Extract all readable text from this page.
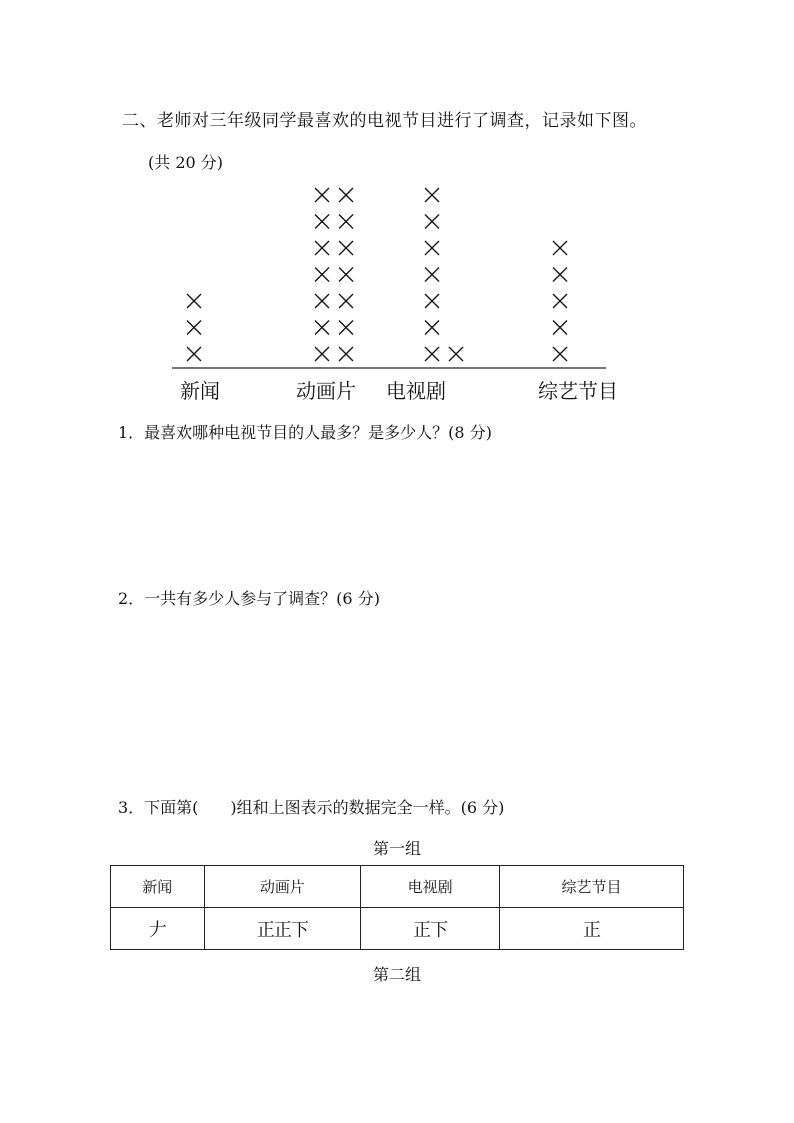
二、老师对三年级同学最喜欢的电视节目进行了调查，记录如下图。
(共 20 分)
新闻	动画片 电视剧	综艺节目
1．最喜欢哪种电视节目的人最多？是多少人？(8 分)
2．一共有多少人参与了调查？(6 分)
3．下面第(　　)组和上图表示的数据完全一样。(6 分)
第一组
新闻	动画片	电视剧	综艺节目
𠂇	正正下	正下	正
第二组
